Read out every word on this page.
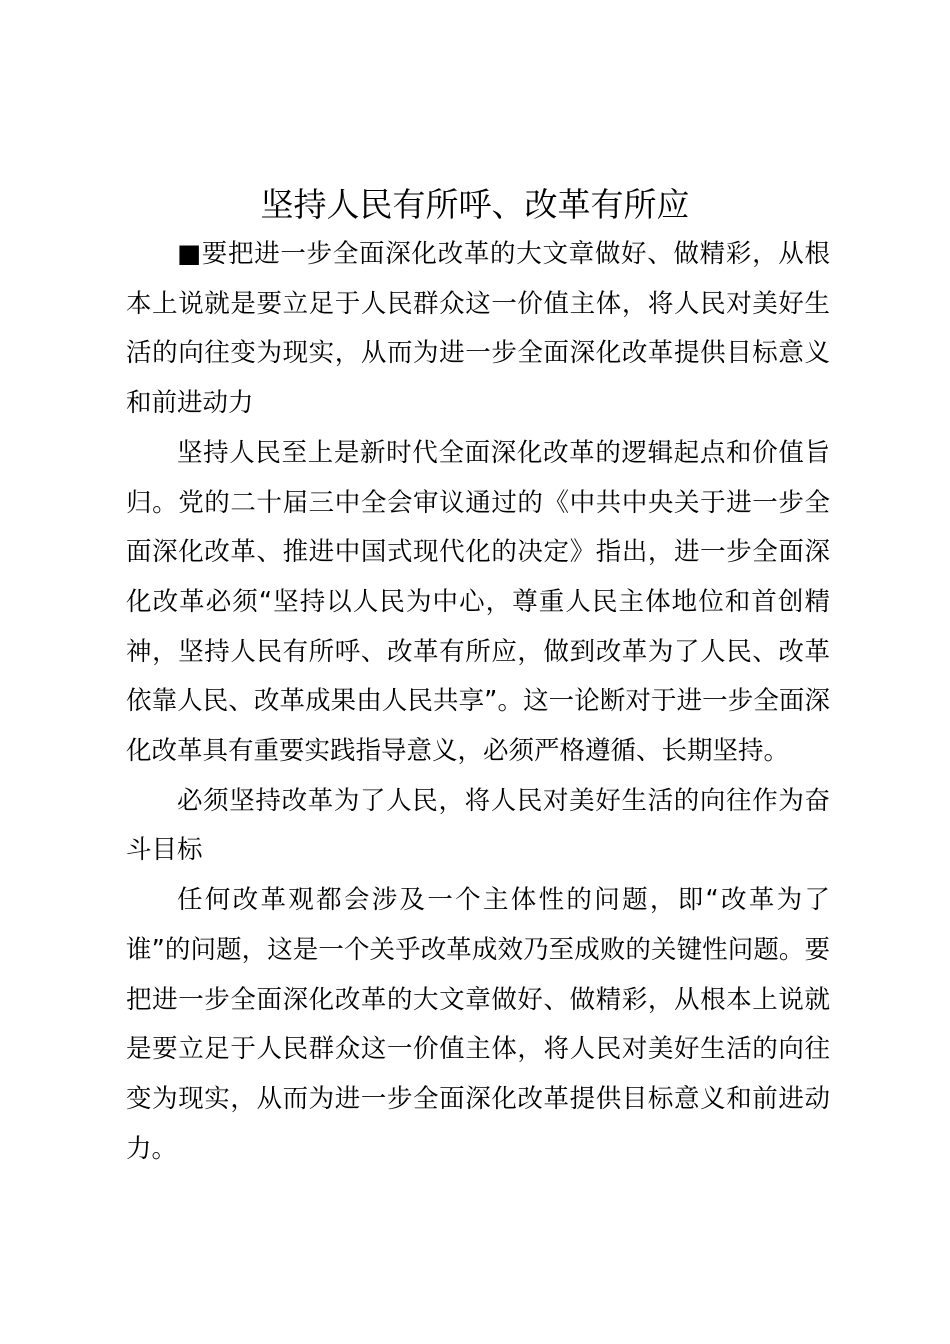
坚持人民有所呼、改革有所应

■要把进一步全面深化改革的大文章做好、做精彩，从根本上说就是要立足于人民群众这一价值主体，将人民对美好生活的向往变为现实，从而为进一步全面深化改革提供目标意义和前进动力

坚持人民至上是新时代全面深化改革的逻辑起点和价值旨归。党的二十届三中全会审议通过的《中共中央关于进一步全面深化改革、推进中国式现代化的决定》指出，进一步全面深化改革必须“坚持以人民为中心，尊重人民主体地位和首创精神，坚持人民有所呼、改革有所应，做到改革为了人民、改革依靠人民、改革成果由人民共享”。这一论断对于进一步全面深化改革具有重要实践指导意义，必须严格遵循、长期坚持。

必须坚持改革为了人民，将人民对美好生活的向往作为奋斗目标

任何改革观都会涉及一个主体性的问题，即“改革为了谁”的问题，这是一个关乎改革成效乃至成败的关键性问题。要把进一步全面深化改革的大文章做好、做精彩，从根本上说就是要立足于人民群众这一价值主体，将人民对美好生活的向往变为现实，从而为进一步全面深化改革提供目标意义和前进动力。
